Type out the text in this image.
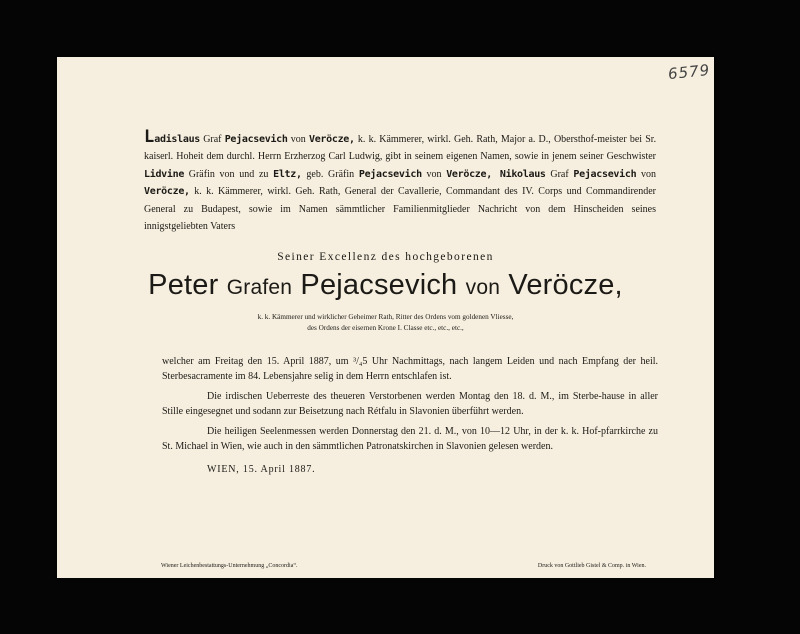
6579

Ladislaus Graf Pejacsevich von Veröcze, k. k. Kämmerer, wirkl. Geh. Rath, Major a. D., Obersthof-meister bei Sr. kaiserl. Hoheit dem durchl. Herrn Erzherzog Carl Ludwig, gibt in seinem eigenen Namen, sowie in jenem seiner Geschwister Lidvine Gräfin von und zu Eltz, geb. Gräfin Pejacsevich von Veröcze, Nikolaus Graf Pejacsevich von Veröcze, k. k. Kämmerer, wirkl. Geh. Rath, General der Cavallerie, Commandant des IV. Corps und Commandirender General zu Budapest, sowie im Namen sämmtlicher Familienmitglieder Nachricht von dem Hinscheiden seines innigstgeliebten Vaters

Seiner Excellenz des hochgeborenen
Peter Grafen Pejacsevich von Veröcze,
k. k. Kämmerer und wirklicher Geheimer Rath, Ritter des Ordens vom goldenen Vliesse,
des Ordens der eisernen Krone I. Classe etc., etc., etc.,

welcher am Freitag den 15. April 1887, um ³/₄5 Uhr Nachmittags, nach langem Leiden und nach Empfang der heil. Sterbesacramente im 84. Lebensjahre selig in dem Herrn entschlafen ist.

Die irdischen Ueberreste des theueren Verstorbenen werden Montag den 18. d. M., im Sterbe-hause in aller Stille eingesegnet und sodann zur Beisetzung nach Rétfalu in Slavonien überführt werden.

Die heiligen Seelenmessen werden Donnerstag den 21. d. M., von 10—12 Uhr, in der k. k. Hof-pfarrkirche zu St. Michael in Wien, wie auch in den sämmtlichen Patronatskirchen in Slavonien gelesen werden.

WIEN, 15. April 1887.
Wiener Leichenbestattungs-Unternehmung „Concordia“.	Druck von Gottlieb Gistel & Comp. in Wien.
